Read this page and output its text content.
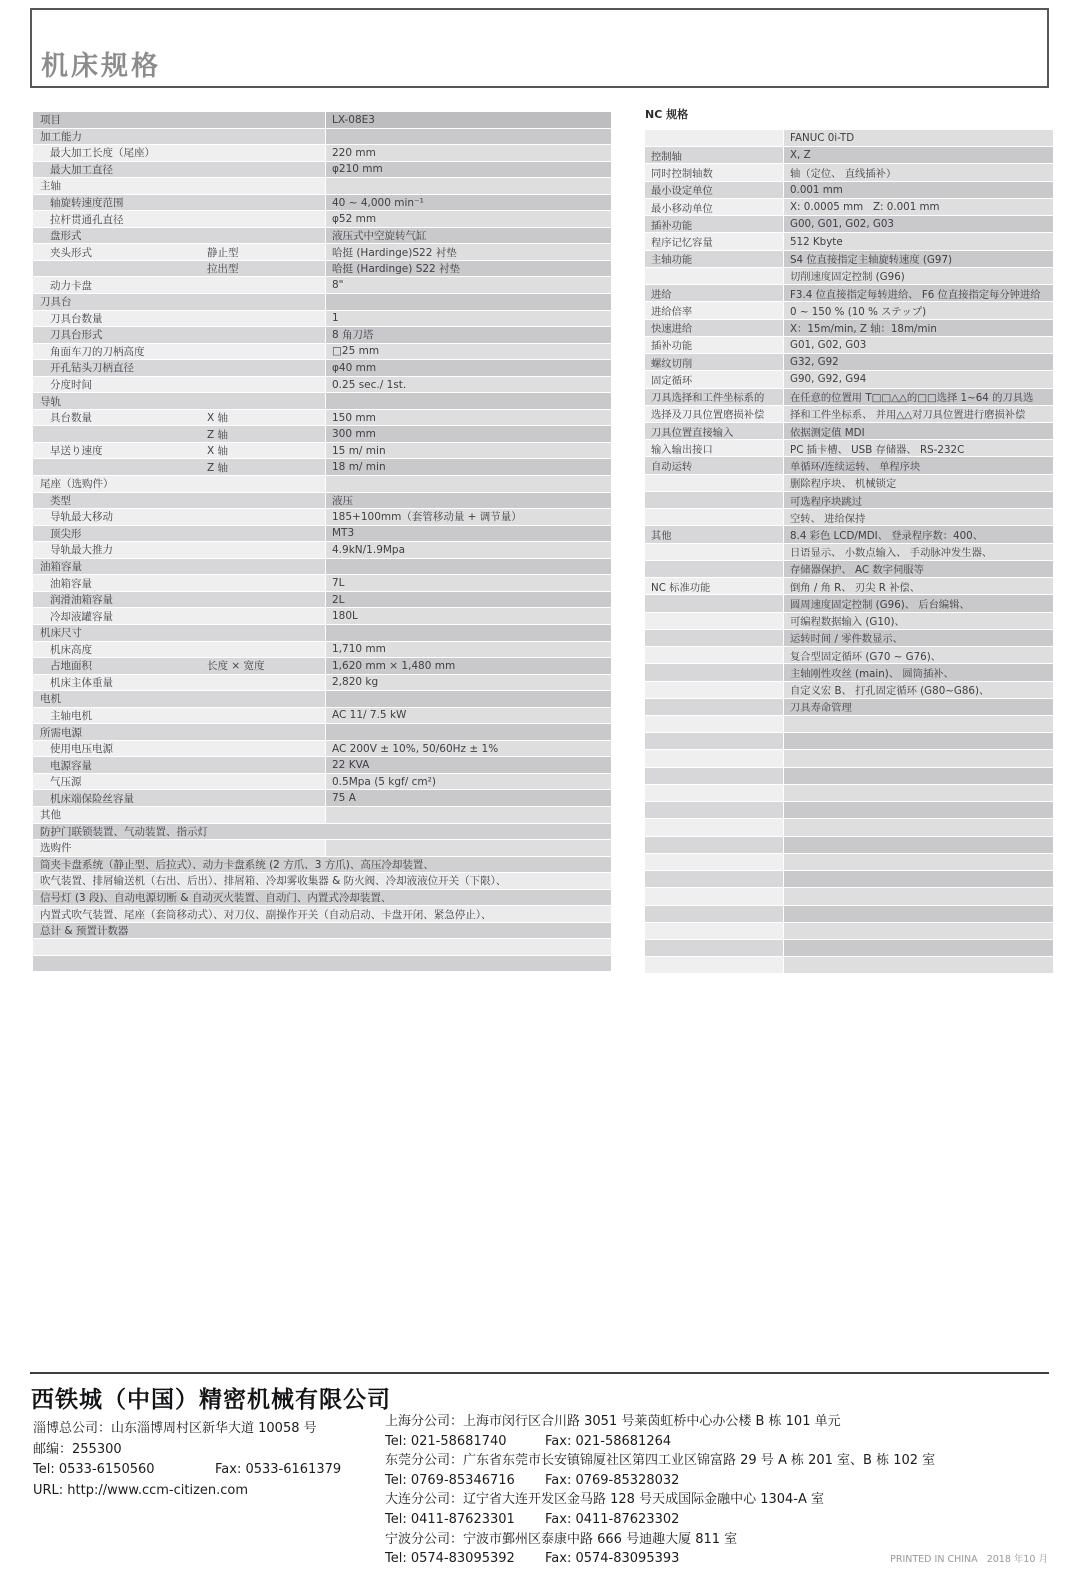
机床规格
项目	LX-08E3
加工能力
最大加工长度（尾座）	220 mm
最大加工直径	φ210 mm
主轴
轴旋转速度范围	40 ~ 4,000 min⁻¹
拉杆贯通孔直径	φ52 mm
盘形式	液压式中空旋转气缸
夹头形式	静止型	哈挺 (Hardinge)S22 衬垫
拉出型	哈挺 (Hardinge) S22 衬垫
动力卡盘	8"
刀具台
刀具台数量	1
刀具台形式	8 角刀塔
角面车刀的刀柄高度	□25 mm
开孔钻头刀柄直径	φ40 mm
分度时间	0.25 sec./ 1st.
导轨
具台数量	X 轴	150 mm
Z 轴	300 mm
早送り速度	X 轴	15 m/ min
Z 轴	18 m/ min
尾座（选购件）
类型	液压
导轨最大移动	185+100mm（套管移动量 + 调节量）
顶尖形	MT3
导轨最大推力	4.9kN/1.9Mpa
油箱容量
油箱容量	7L
润滑油箱容量	2L
冷却液罐容量	180L
机床尺寸
机床高度	1,710 mm
占地面积	长度 × 宽度	1,620 mm × 1,480 mm
机床主体重量	2,820 kg
电机
主轴电机	AC 11/ 7.5 kW
所需电源
使用电压电源	AC 200V ± 10%, 50/60Hz ± 1%
电源容量	22 KVA
气压源	0.5Mpa (5 kgf/ cm²)
机床端保险丝容量	75 A
其他
防护门联锁装置、气动装置、指示灯
选购件
筒夹卡盘系统（静止型、后拉式）、动力卡盘系统 (2 方爪、3 方爪)、高压冷却装置、
吹气装置、排屑输送机（右出、后出）、排屑箱、冷却雾收集器 & 防火阀、冷却液液位开关（下限）、
信号灯 (3 段)、自动电源切断 & 自动灭火装置、自动门、内置式冷却装置、
内置式吹气装置、尾座（套筒移动式）、对刀仪、副操作开关（自动启动、卡盘开闭、紧急停止）、
总计 & 预置计数器
NC 规格
FANUC 0i-TD
控制轴	X, Z
同时控制轴数	轴（定位、 直线插补）
最小设定单位	0.001 mm
最小移动单位	X: 0.0005 mm   Z: 0.001 mm
插补功能	G00, G01, G02, G03
程序记忆容量	512 Kbyte
主轴功能	S4 位直接指定主轴旋转速度 (G97)
切削速度固定控制 (G96)
进给	F3.4 位直接指定每转进给、 F6 位直接指定每分钟进给
进给倍率	0 ~ 150 % (10 % ステップ)
快速进给	X：15m/min, Z 轴：18m/min
插补功能	G01, G02, G03
螺纹切削	G32, G92
固定循环	G90, G92, G94
刀具选择和工件坐标系的	在任意的位置用 T□□△△的□□选择 1~64 的刀具选
选择及刀具位置磨损补偿	择和工件坐标系、 并用△△对刀具位置进行磨损补偿
刀具位置直接输入	依据测定值 MDI
输入输出接口	PC 插卡槽、 USB 存储器、 RS-232C
自动运转	单循环/连续运转、 单程序块
删除程序块、 机械锁定
可选程序块跳过
空转、 进给保持
其他	8.4 彩色 LCD/MDI、 登录程序数：400、
日语显示、 小数点输入、 手动脉冲发生器、
存储器保护、 AC 数字伺服等
NC 标准功能	倒角 / 角 R、 刃尖 R 补偿、
圆周速度固定控制 (G96)、 后台编辑、
可编程数据输入 (G10)、
运转时间 / 零件数显示、
复合型固定循环 (G70 ~ G76)、
主轴刚性攻丝 (main)、 圆筒插补、
自定义宏 B、 打孔固定循环 (G80~G86)、
刀具寿命管理
西铁城（中国）精密机械有限公司
淄博总公司：山东淄博周村区新华大道 10058 号
邮编：255300
Tel: 0533-6150560	Fax: 0533-6161379
URL: http://www.ccm-citizen.com
上海分公司：上海市闵行区合川路 3051 号莱茵虹桥中心办公楼 B 栋 101 单元
Tel: 021-58681740	Fax: 021-58681264
东莞分公司：广东省东莞市长安镇锦厦社区第四工业区锦富路 29 号 A 栋 201 室、B 栋 102 室
Tel: 0769-85346716	Fax: 0769-85328032
大连分公司：辽宁省大连开发区金马路 128 号天成国际金融中心 1304-A 室
Tel: 0411-87623301	Fax: 0411-87623302
宁波分公司：宁波市鄞州区泰康中路 666 号迪趣大厦 811 室
Tel: 0574-83095392	Fax: 0574-83095393	PRINTED IN CHINA   2018 年10 月
